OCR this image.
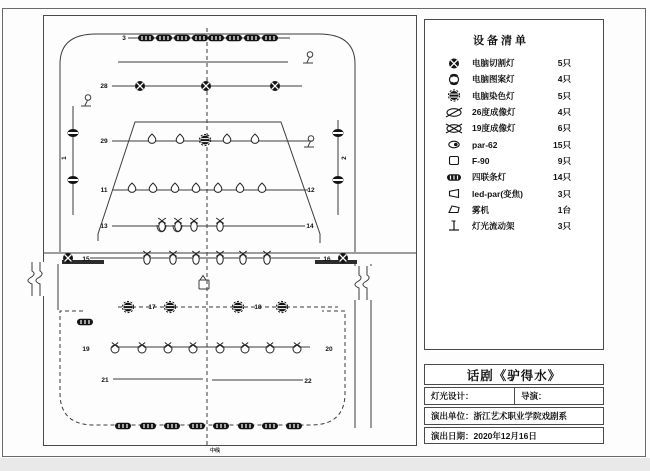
设备清单
电脑切割灯	5只
电脑图案灯	4只
电脑染色灯	5只
26度成像灯	4只
19度成像灯	6只
par-62	15只
F-90	9只
四联条灯	14只
led-par(变焦)	3只
雾机	1台
灯光流动架	3只
话剧《驴得水》
灯光设计：	导演：
演出单位：浙江艺术职业学院戏剧系
演出日期：2020年12月16日
3
28
29
1	2
11	12
13	14
15	16
17	18
19	20
21	22
中线
